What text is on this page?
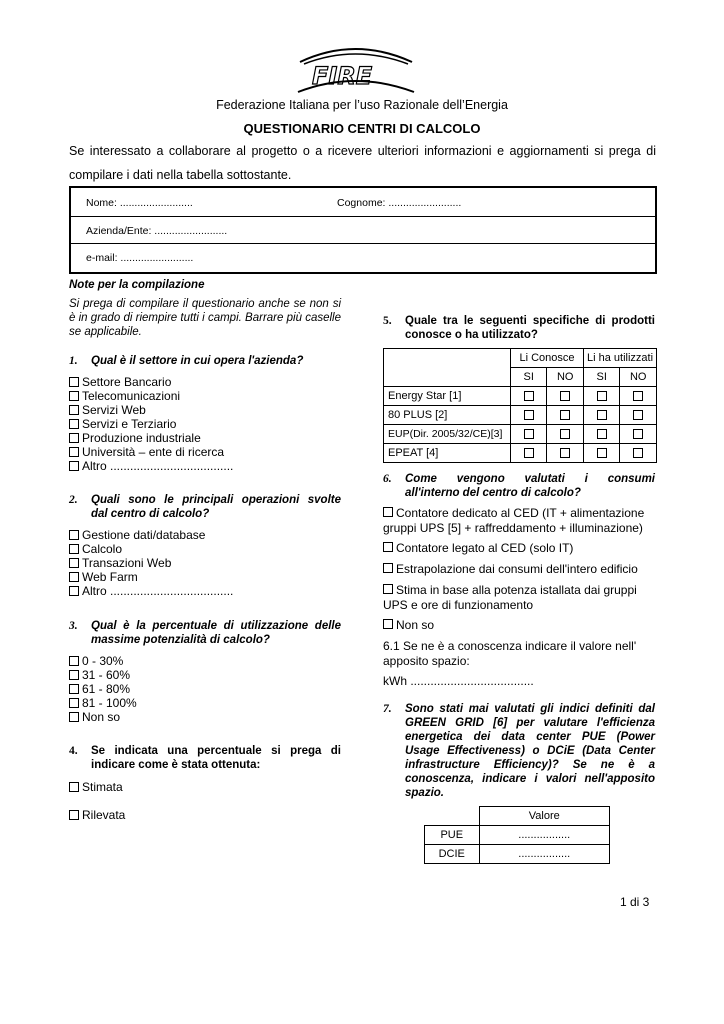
FIRE
Federazione Italiana per l’uso Razionale dell’Energia
QUESTIONARIO CENTRI DI CALCOLO
Se interessato a collaborare al progetto o a ricevere ulteriori informazioni e aggiornamenti si prega di
compilare i dati nella tabella sottostante.
Nome: .........................	Cognome: .........................
Azienda/Ente: .........................
e-mail: .........................
Note per la compilazione
Si prega di compilare il questionario anche se non si è in grado di riempire tutti i campi. Barrare più caselle se applicabile.
1. Qual è il settore in cui opera l'azienda?
Settore Bancario
Telecomunicazioni
Servizi Web
Servizi e Terziario
Produzione industriale
Università – ente di ricerca
Altro .....................................
2. Quali sono le principali operazioni svolte
dal centro di calcolo?
Gestione dati/database
Calcolo
Transazioni Web
Web Farm
Altro .....................................
3. Qual è la percentuale di utilizzazione delle
massime potenzialità di calcolo?
0 - 30%
31 - 60%
61 - 80%
81 - 100%
Non so
4. Se indicata una percentuale si prega di
indicare come è stata ottenuta:
Stimata
Rilevata
5. Quale tra le seguenti specifiche di prodotti
conosce o ha utilizzato?
	Li Conosce		Li ha utilizzati	
	SI	NO	SI	NO
Energy Star [1]				
80 PLUS [2]				
EUP(Dir. 2005/32/CE)[3]				
EPEAT [4]				
6. Come vengono valutati i consumi
all'interno del centro di calcolo?
Contatore dedicato al CED (IT + alimentazione
gruppi UPS [5] + raffreddamento + illuminazione)
Contatore legato al CED (solo IT)
Estrapolazione dai consumi dell'intero edificio
Stima in base alla potenza istallata dai gruppi
UPS e ore di funzionamento
Non so
6.1 Se ne è a conoscenza indicare il valore nell'
apposito spazio:
kWh .....................................
7. Sono stati mai valutati gli indici definiti dal
GREEN GRID [6] per valutare l'efficienza
energetica dei data center PUE (Power
Usage Effectiveness) o DCiE (Data Center
infrastructure Efficiency)? Se ne è a
conoscenza, indicare i valori nell'apposito
spazio.
	Valore
PUE	.................
DCIE	.................
1 di 3
